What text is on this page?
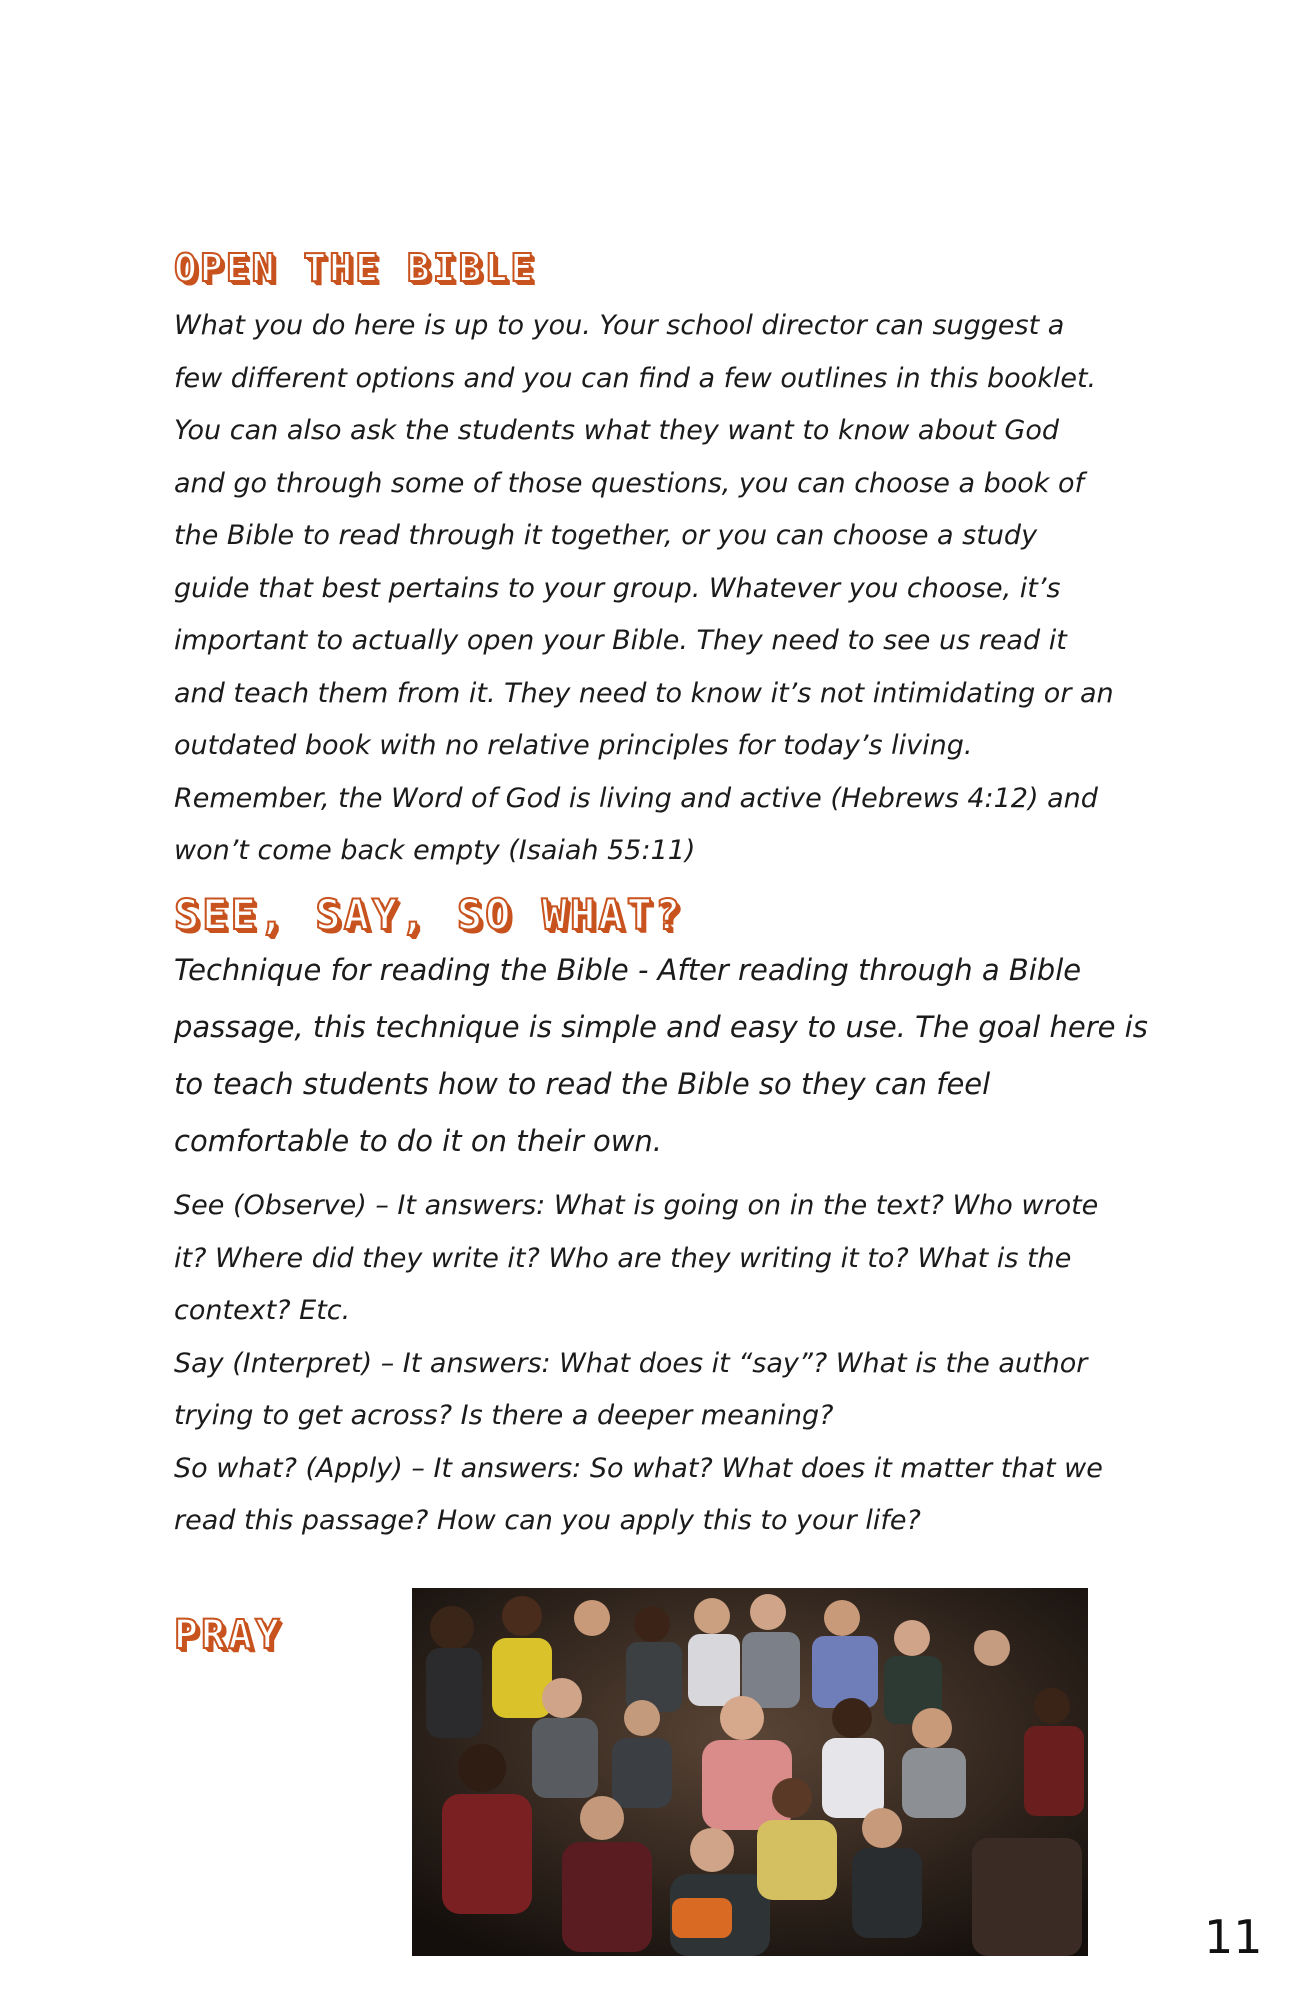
OPEN THE BIBLE

What you do here is up to you. Your school director can suggest a few different options and you can find a few outlines in this booklet. You can also ask the students what they want to know about God and go through some of those questions, you can choose a book of the Bible to read through it together, or you can choose a study guide that best pertains to your group. Whatever you choose, it’s important to actually open your Bible. They need to see us read it and teach them from it. They need to know it’s not intimidating or an outdated book with no relative principles for today’s living. Remember, the Word of God is living and active (Hebrews 4:12) and won’t come back empty (Isaiah 55:11)

SEE, SAY, SO WHAT?

Technique for reading the Bible - After reading through a Bible passage, this technique is simple and easy to use. The goal here is to teach students how to read the Bible so they can feel comfortable to do it on their own.

See (Observe) – It answers: What is going on in the text? Who wrote it? Where did they write it? Who are they writing it to? What is the context? Etc.
Say (Interpret) – It answers: What does it “say”? What is the author trying to get across? Is there a deeper meaning?
So what? (Apply) – It answers: So what? What does it matter that we read this passage? How can you apply this to your life?
PRAY

11
